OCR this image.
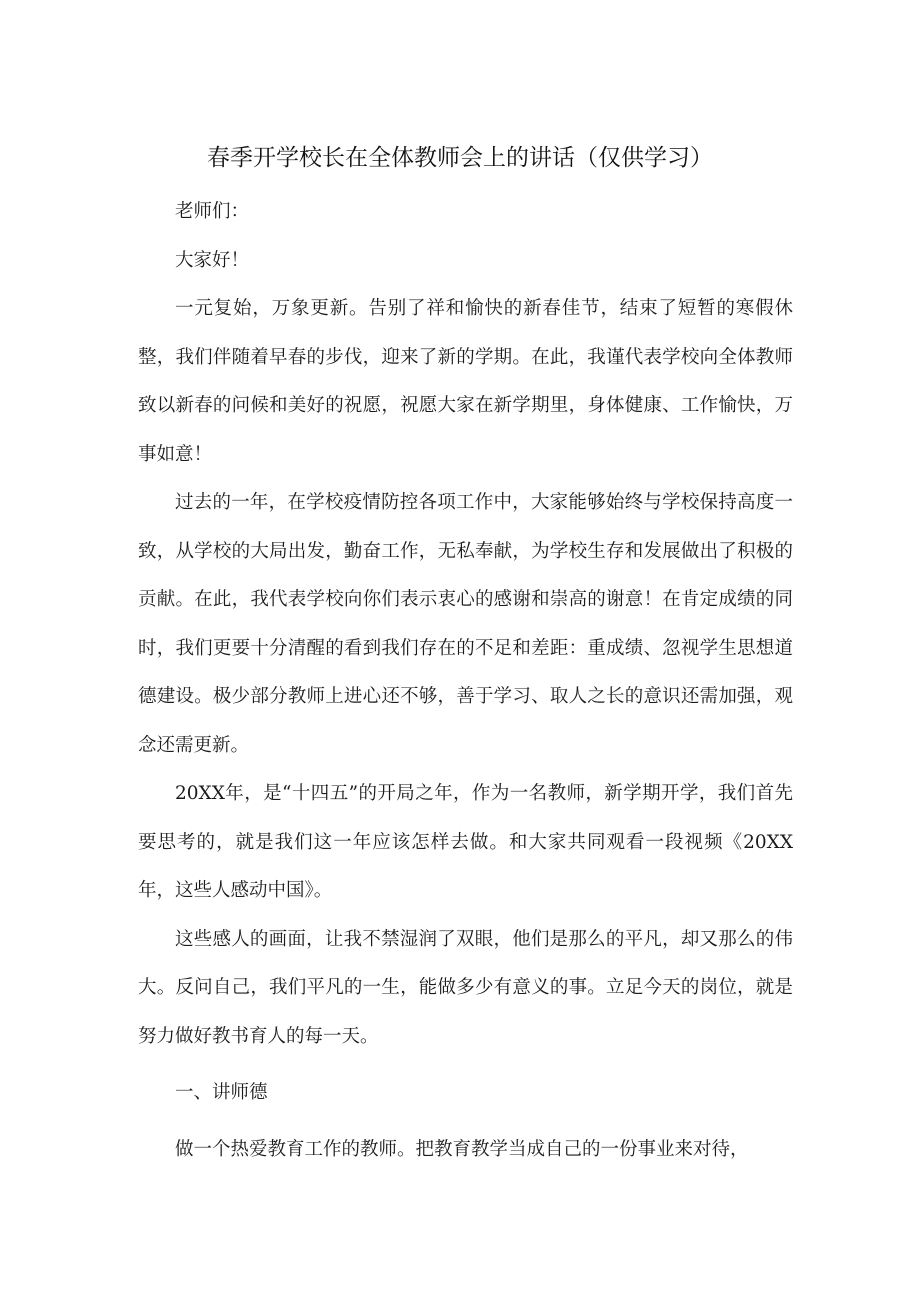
春季开学校长在全体教师会上的讲话（仅供学习）

老师们：

大家好！

一元复始，万象更新。告别了祥和愉快的新春佳节，结束了短暂的寒假休整，我们伴随着早春的步伐，迎来了新的学期。在此，我谨代表学校向全体教师致以新春的问候和美好的祝愿，祝愿大家在新学期里，身体健康、工作愉快，万事如意！

过去的一年，在学校疫情防控各项工作中，大家能够始终与学校保持高度一致，从学校的大局出发，勤奋工作，无私奉献，为学校生存和发展做出了积极的贡献。在此，我代表学校向你们表示衷心的感谢和崇高的谢意！在肯定成绩的同时，我们更要十分清醒的看到我们存在的不足和差距：重成绩、忽视学生思想道德建设。极少部分教师上进心还不够，善于学习、取人之长的意识还需加强，观念还需更新。

20XX年，是“十四五”的开局之年，作为一名教师，新学期开学，我们首先要思考的，就是我们这一年应该怎样去做。和大家共同观看一段视频《20XX年，这些人感动中国》。

这些感人的画面，让我不禁湿润了双眼，他们是那么的平凡，却又那么的伟大。反问自己，我们平凡的一生，能做多少有意义的事。立足今天的岗位，就是努力做好教书育人的每一天。

一、讲师德

做一个热爱教育工作的教师。把教育教学当成自己的一份事业来对待，
